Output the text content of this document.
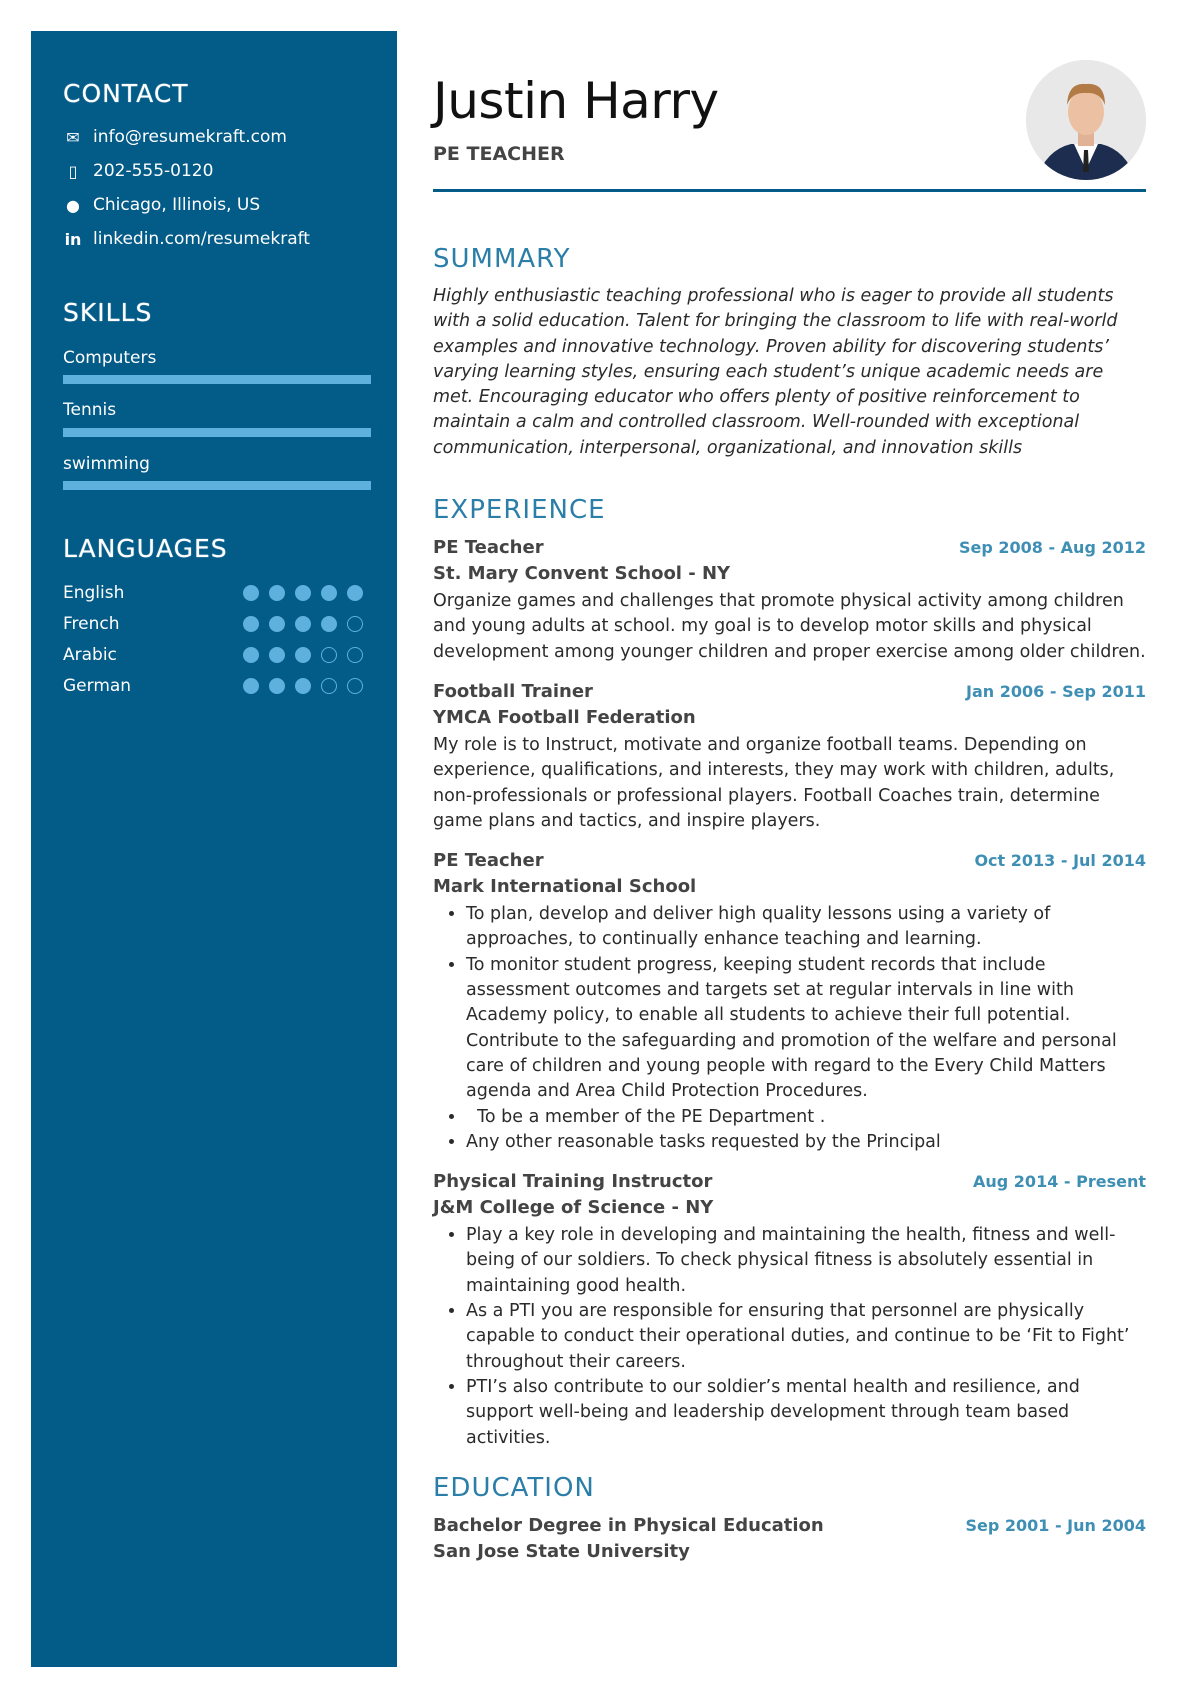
CONTACT
✉ info@resumekraft.com
▯ 202-555-0120
● Chicago, Illinois, US
in linkedin.com/resumekraft
SKILLS
Computers
Tennis
swimming
LANGUAGES
English
French
Arabic
German
Justin Harry
PE TEACHER
SUMMARY

Highly enthusiastic teaching professional who is eager to provide all students with a solid education. Talent for bringing the classroom to life with real-world examples and innovative technology. Proven ability for discovering students’ varying learning styles, ensuring each student’s unique academic needs are met. Encouraging educator who offers plenty of positive reinforcement to maintain a calm and controlled classroom. Well-rounded with exceptional communication, interpersonal, organizational, and innovation skills

EXPERIENCE
PE Teacher	Sep 2008 - Aug 2012
St. Mary Convent School - NY

Organize games and challenges that promote physical activity among children and young adults at school. my goal is to develop motor skills and physical development among younger children and proper exercise among older children.

Football Trainer	Jan 2006 - Sep 2011
YMCA Football Federation

My role is to Instruct, motivate and organize football teams. Depending on experience, qualifications, and interests, they may work with children, adults, non-professionals or professional players. Football Coaches train, determine game plans and tactics, and inspire players.

PE Teacher	Oct 2013 - Jul 2014
Mark International School
• To plan, develop and deliver high quality lessons using a variety of approaches, to continually enhance teaching and learning.
• To monitor student progress, keeping student records that include assessment outcomes and targets set at regular intervals in line with Academy policy, to enable all students to achieve their full potential.  Contribute to the safeguarding and promotion of the welfare and personal care of children and young people with regard to the Every Child Matters agenda and Area Child Protection Procedures.
•   To be a member of the PE Department .
• Any other reasonable tasks requested by the Principal
Physical Training Instructor	Aug 2014 - Present
J&M College of Science - NY
• Play a key role in developing and maintaining the health, fitness and well-being of our soldiers. To check physical fitness is absolutely essential in maintaining good health.
• As a PTI you are responsible for ensuring that personnel are physically capable to conduct their operational duties, and continue to be ‘Fit to Fight’ throughout their careers.
• PTI’s also contribute to our soldier’s mental health and resilience, and support well-being and leadership development through team based activities.
EDUCATION
Bachelor Degree in Physical Education	Sep 2001 - Jun 2004
San Jose State University
